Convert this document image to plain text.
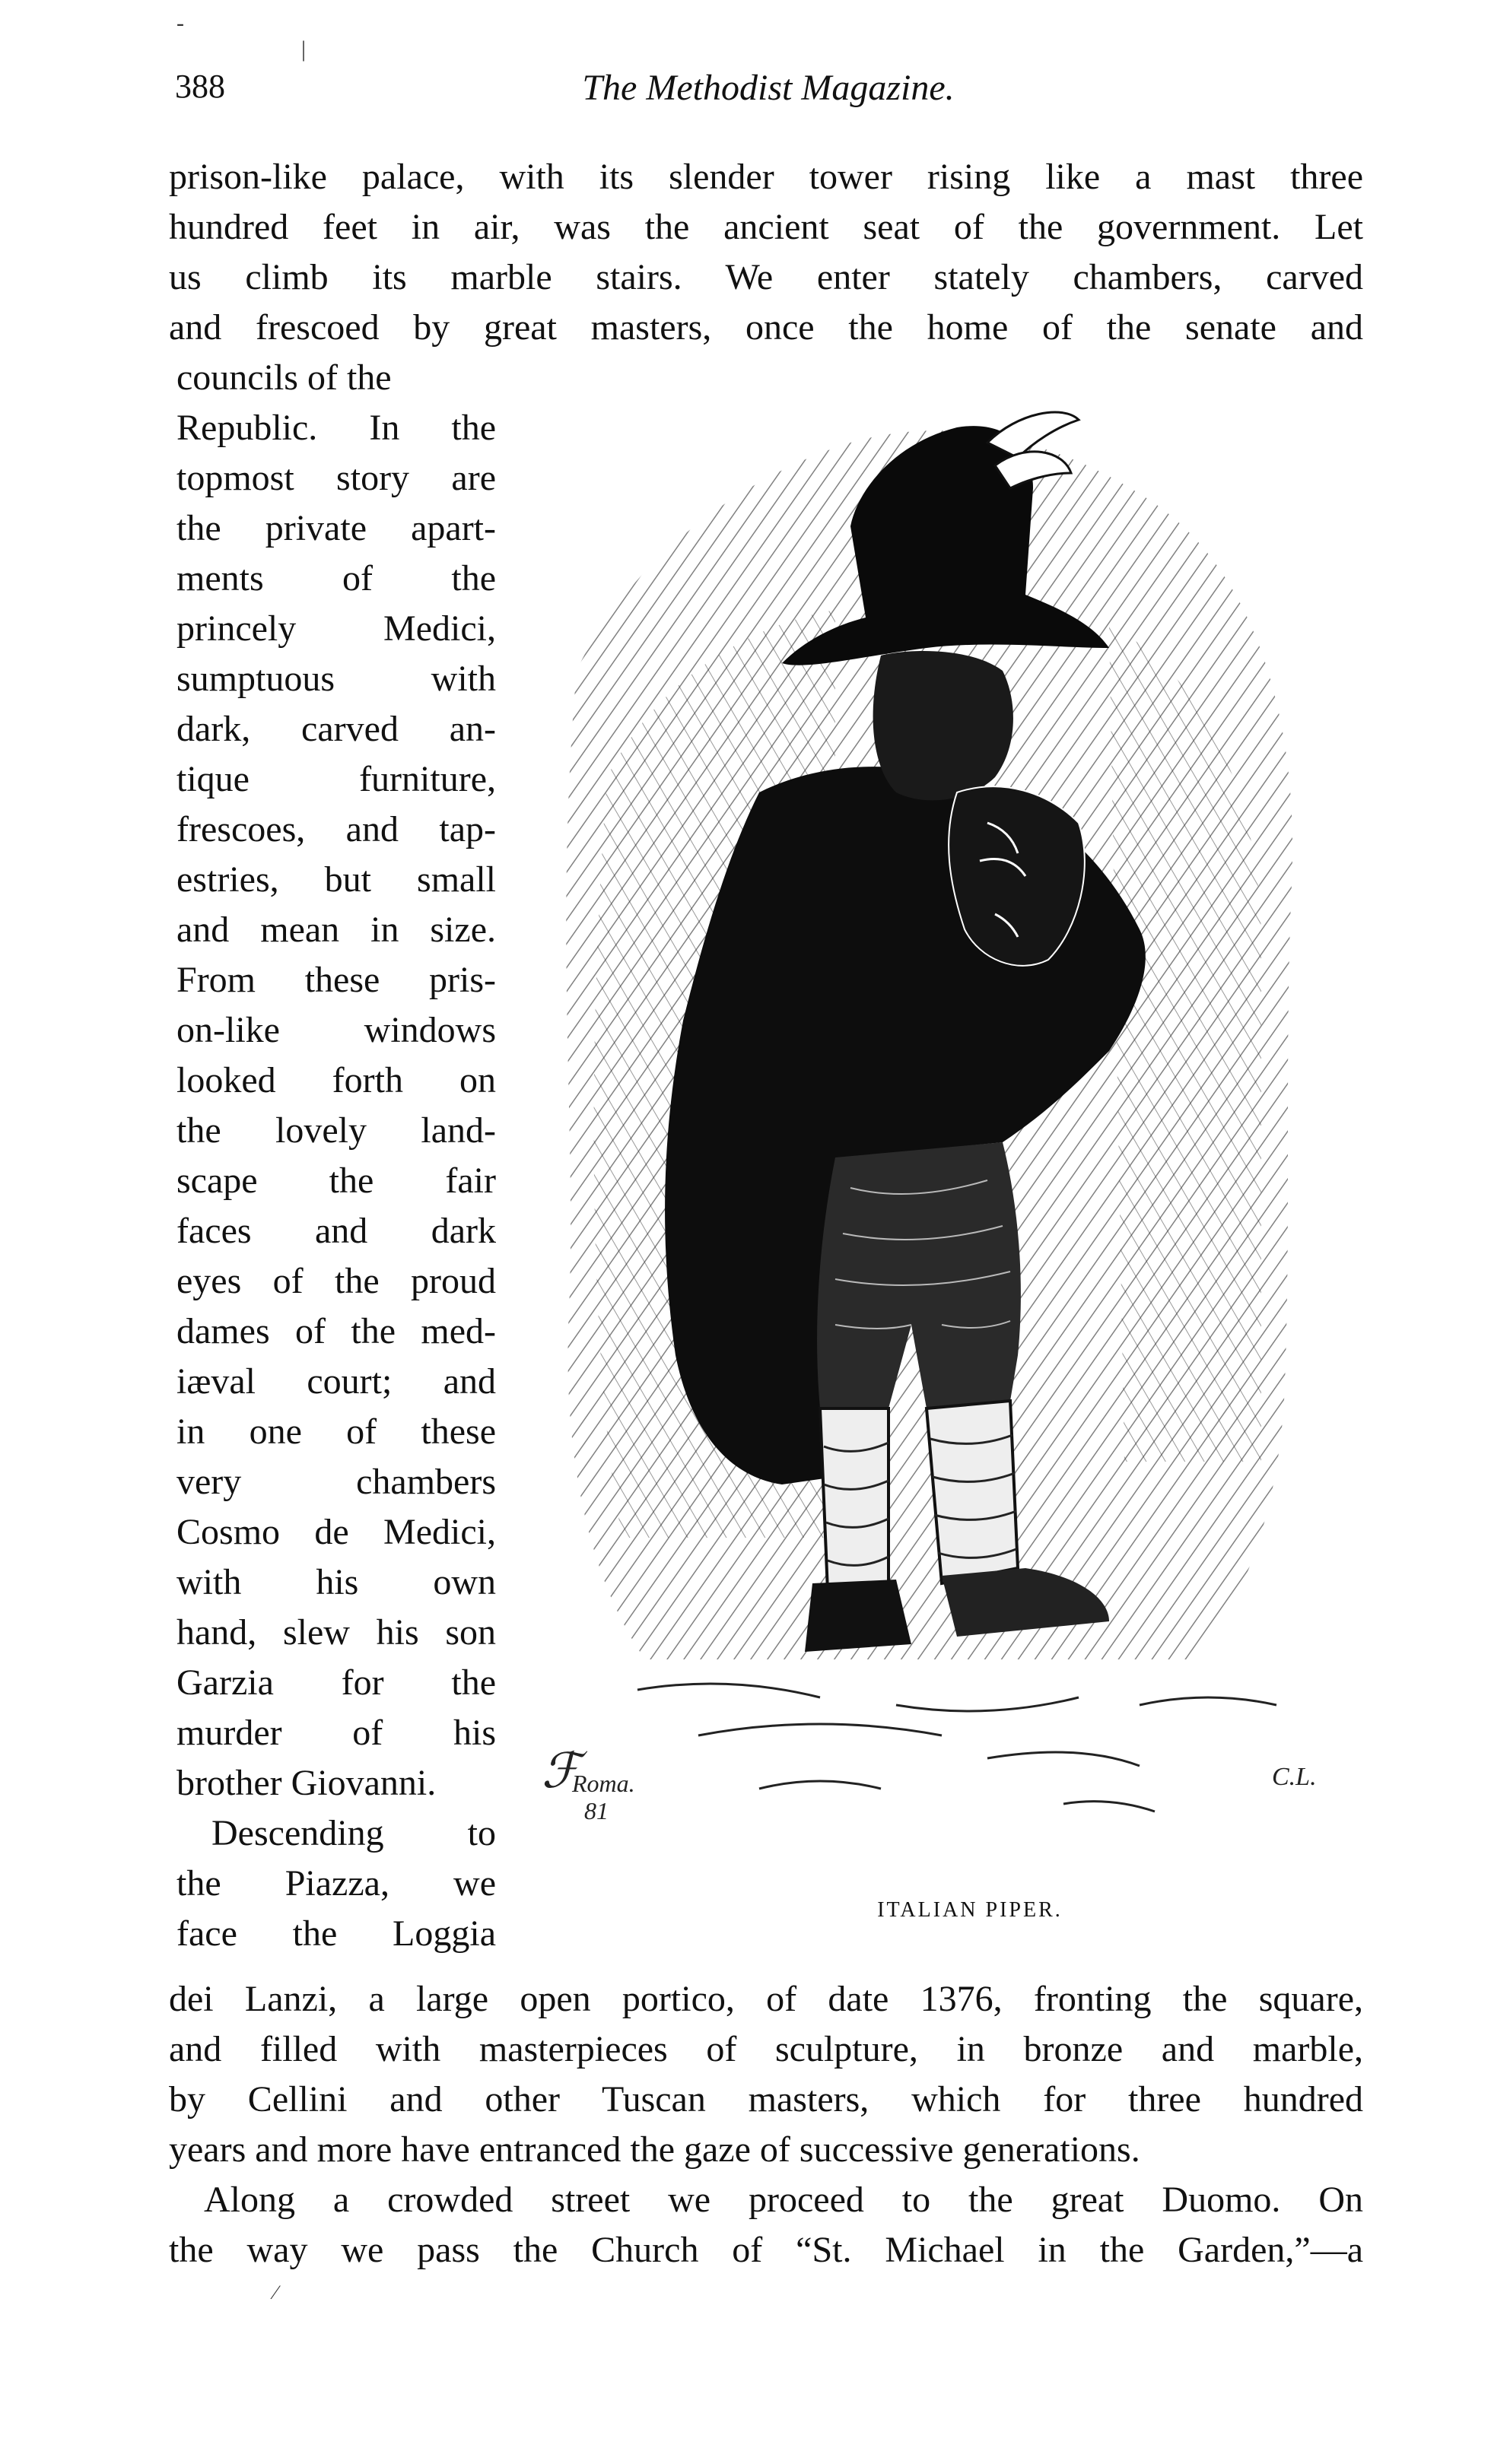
388	The Methodist Magazine.
-
|
prison-like palace, with its slender tower rising like a mast three
hundred feet in air, was the ancient seat of the government. Let
us climb its marble stairs. We enter stately chambers, carved
and frescoed by great masters, once the home of the senate and
councils of the
Republic. In the
topmost story are
the private apart-
ments of the
princely Medici,
sumptuous with
dark, carved an-
tique furniture,
frescoes, and tap-
estries, but small
and mean in size.
From these pris-
on-like windows
looked forth on
the lovely land-
scape the fair
faces and dark
eyes of the proud
dames of the med-
iæval court; and
in one of these
very chambers
Cosmo de Medici,
with his own
hand, slew his son
Garzia for the
murder of his
brother Giovanni.
Descending to
the Piazza, we
face the Loggia
ℱ
Roma.
81
C.L.
ITALIAN PIPER.
dei Lanzi, a large open portico, of date 1376, fronting the square,
and filled with masterpieces of sculpture, in bronze and marble,
by Cellini and other Tuscan masters, which for three hundred
years and more have entranced the gaze of successive generations.
Along a crowded street we proceed to the great Duomo. On
the way we pass the Church of “St. Michael in the Garden,”—a
⁄
